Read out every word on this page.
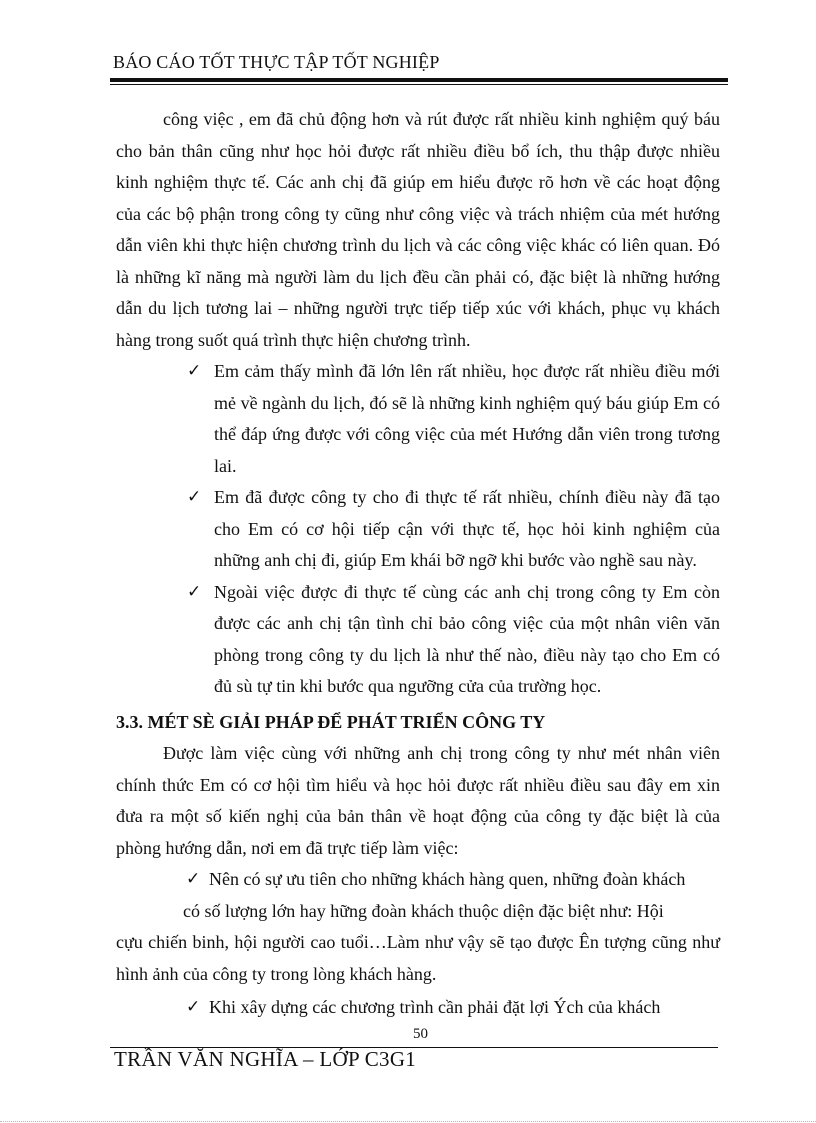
BÁO CÁO TỐT THỰC TẬP TỐT NGHIỆP

công việc , em đã chủ động hơn và rút được rất nhiều kinh nghiệm quý báu cho bản thân cũng như học hỏi được rất nhiều điều bổ ích, thu thập được nhiều kinh nghiệm thực tế. Các anh chị đã giúp em hiểu được rõ hơn về các hoạt động của các bộ phận trong công ty cũng như công việc và trách nhiệm của mét hướng dẫn viên khi thực hiện chương trình du lịch và các công việc khác có liên quan. Đó là những kĩ năng mà người làm du lịch đều cần phải có, đặc biệt là những hướng dẫn du lịch tương lai – những người trực tiếp tiếp xúc với khách, phục vụ khách hàng trong suốt quá trình thực hiện chương trình.

✓ Em cảm thấy mình đã lớn lên rất nhiều, học được rất nhiều điều mới mẻ về ngành du lịch, đó sẽ là những kinh nghiệm quý báu giúp Em có thể đáp ứng được với công việc của mét Hướng dẫn viên trong tương lai.

✓ Em đã được công ty cho đi thực tế rất nhiều, chính điều này đã tạo cho Em có cơ hội tiếp cận với thực tế, học hỏi kinh nghiệm của những anh chị đi, giúp Em khái bỡ ngỡ khi bước vào nghề sau này.

✓ Ngoài việc được đi thực tế cùng các anh chị trong công ty Em còn được các anh chị tận tình chỉ bảo công việc của một nhân viên văn phòng trong công ty du lịch là như thế nào, điều này tạo cho Em có đủ sù tự tin khi bước qua ngưỡng cửa của trường học.

3.3. MÉT SÈ GIẢI PHÁP ĐỂ PHÁT TRIỂN CÔNG TY

Được làm việc cùng với những anh chị trong công ty như mét nhân viên chính thức Em có cơ hội tìm hiểu và học hỏi được rất nhiều điều sau đây em xin đưa ra một số kiến nghị của bản thân về hoạt động của công ty đặc biệt là của phòng hướng dẫn, nơi em đã trực tiếp làm việc:

✓ Nên có sự ưu tiên cho những khách hàng quen, những đoàn khách
có số lượng lớn hay hững đoàn khách thuộc diện đặc biệt như: Hội
cựu chiến binh, hội người cao tuổi…Làm như vậy sẽ tạo được Ên tượng cũng như hình ảnh của công ty trong lòng khách hàng.
✓ Khi xây dựng các chương trình cần phải đặt lợi Ých của khách
50
TRẦN VĂN NGHĨA – LỚP C3G1
